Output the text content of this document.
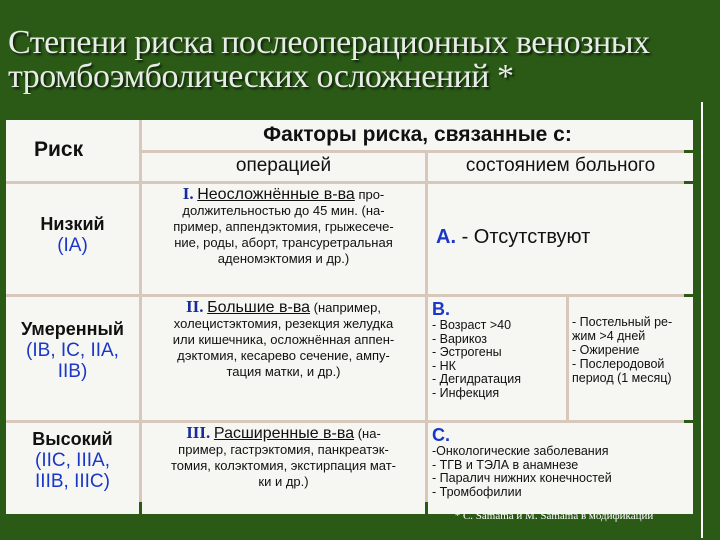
Степени риска послеоперационных венозных
тромбоэмболических осложнений *
Риск
Факторы риска, связанные с:
операцией	состоянием больного
Низкий
(IA)
I. Неосложнённые в-ва про-
должительностью до 45 мин. (на-
пример, аппендэктомия, грыжесече-
ние, роды, аборт, трансуретральная
аденомэктомия и др.)
А. - Отсутствуют
Умеренный
(IB, IC, IIA,
IIB)
II. Большие в-ва (например,
холецистэктомия, резекция желудка
или кишечника, осложнённая аппен-
дэктомия, кесарево сечение, ампу-
тация матки, и др.)
В.
- Возраст >40
- Варикоз
- Эстрогены
- НК
- Дегидратация
- Инфекция
- Постельный ре-
жим >4 дней
- Ожирение
- Послеродовой
период (1 месяц)
Высокий
(IIC, IIIA,
IIIB, IIIC)
III. Расширенные в-ва (на-
пример, гастрэктомия, панкреатэк-
томия, колэктомия, экстирпация мат-
ки и др.)
С.
-Онкологические заболевания
- ТГВ и ТЭЛА в анамнезе
- Паралич нижних конечностей
- Тромбофилии
* С. Samama и М. Samama в модификации
